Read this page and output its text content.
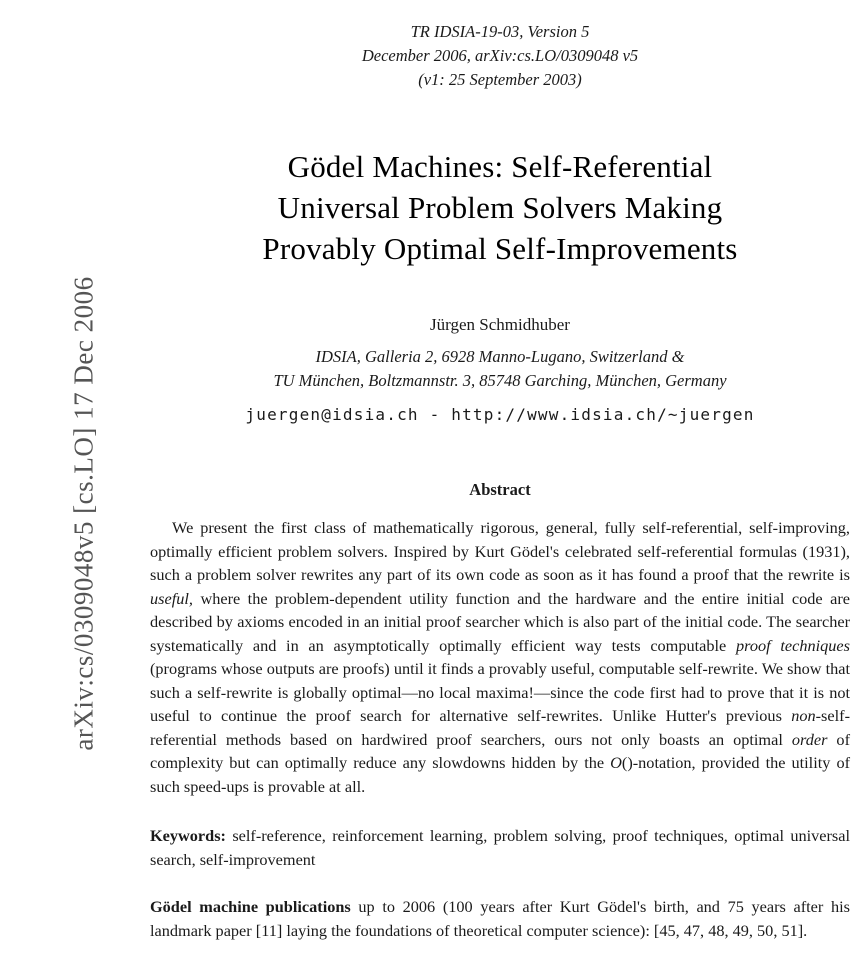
arXiv:cs/0309048v5 [cs.LO] 17 Dec 2006
TR IDSIA-19-03, Version 5
December 2006, arXiv:cs.LO/0309048 v5
(v1: 25 September 2003)
Gödel Machines: Self-Referential
Universal Problem Solvers Making
Provably Optimal Self-Improvements
Jürgen Schmidhuber
IDSIA, Galleria 2, 6928 Manno-Lugano, Switzerland &
TU München, Boltzmannstr. 3, 85748 Garching, München, Germany
juergen@idsia.ch - http://www.idsia.ch/~juergen
Abstract
We present the first class of mathematically rigorous, general, fully self-referential, self-improving, optimally efficient problem solvers. Inspired by Kurt Gödel's celebrated self-referential formulas (1931), such a problem solver rewrites any part of its own code as soon as it has found a proof that the rewrite is useful, where the problem-dependent utility function and the hardware and the entire initial code are described by axioms encoded in an initial proof searcher which is also part of the initial code. The searcher systematically and in an asymptotically optimally efficient way tests computable proof techniques (programs whose outputs are proofs) until it finds a provably useful, computable self-rewrite. We show that such a self-rewrite is globally optimal—no local maxima!—since the code first had to prove that it is not useful to continue the proof search for alternative self-rewrites. Unlike Hutter's previous non-self-referential methods based on hardwired proof searchers, ours not only boasts an optimal order of complexity but can optimally reduce any slowdowns hidden by the O()-notation, provided the utility of such speed-ups is provable at all.
Keywords: self-reference, reinforcement learning, problem solving, proof techniques, optimal universal search, self-improvement
Gödel machine publications up to 2006 (100 years after Kurt Gödel's birth, and 75 years after his landmark paper [11] laying the foundations of theoretical computer science): [45, 47, 48, 49, 50, 51].
